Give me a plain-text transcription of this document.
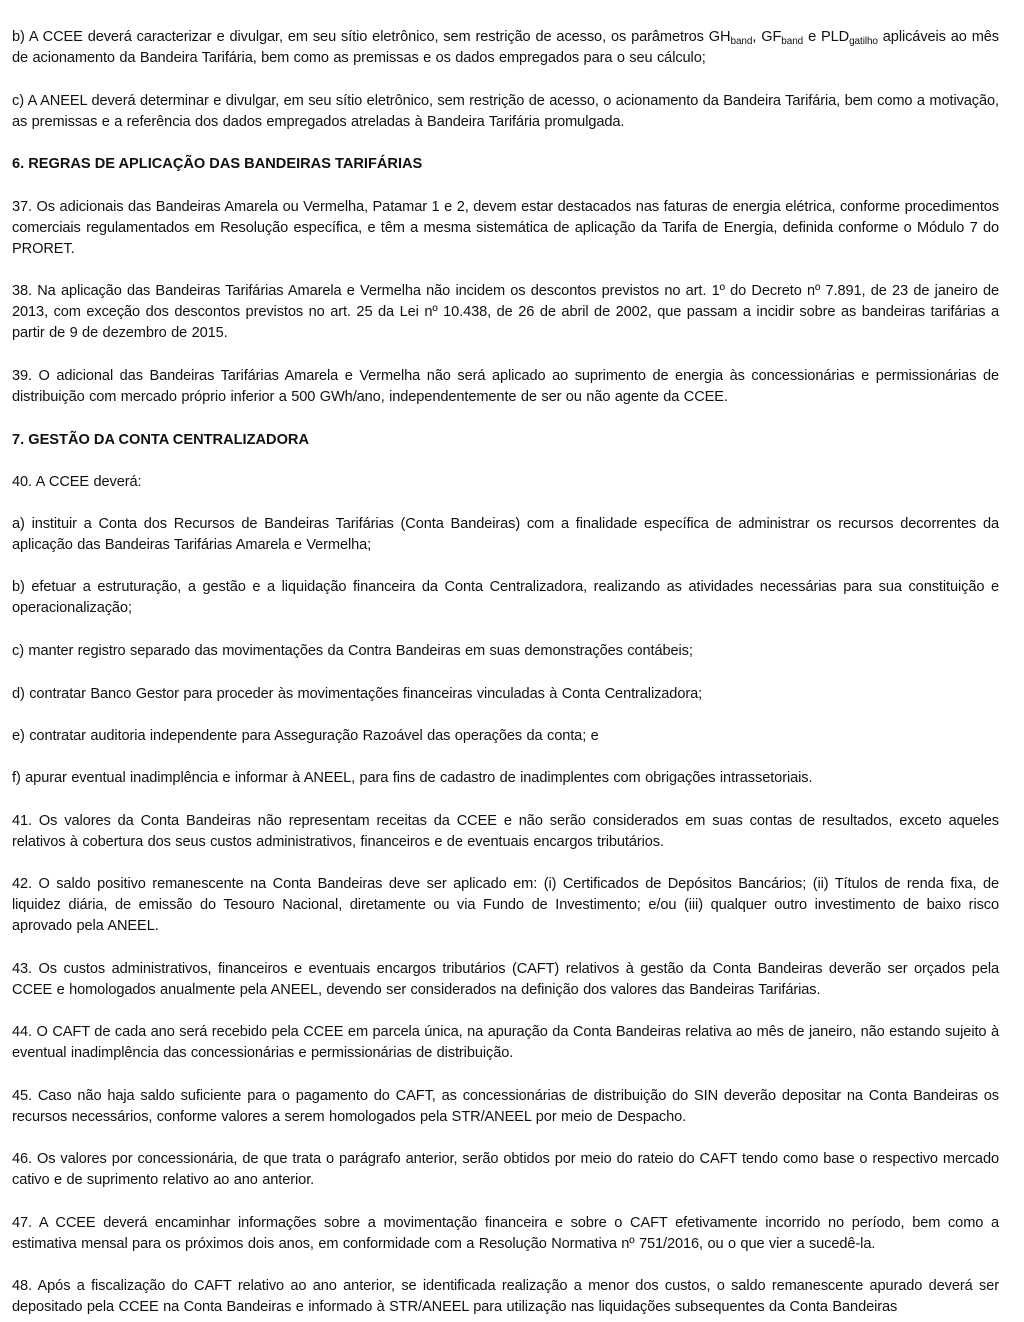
b) A CCEE deverá caracterizar e divulgar, em seu sítio eletrônico, sem restrição de acesso, os parâmetros $GH_{band}$, $GF_{band}$ e $PLD_{gatilho}$ aplicáveis ao mês de acionamento da Bandeira Tarifária, bem como as premissas e os dados empregados para o seu cálculo;

c) A ANEEL deverá determinar e divulgar, em seu sítio eletrônico, sem restrição de acesso, o acionamento da Bandeira Tarifária, bem como a motivação, as premissas e a referência dos dados empregados atreladas à Bandeira Tarifária promulgada.

6. REGRAS DE APLICAÇÃO DAS BANDEIRAS TARIFÁRIAS

37. Os adicionais das Bandeiras Amarela ou Vermelha, Patamar 1 e 2, devem estar destacados nas faturas de energia elétrica, conforme procedimentos comerciais regulamentados em Resolução específica, e têm a mesma sistemática de aplicação da Tarifa de Energia, definida conforme o Módulo 7 do PRORET.

38. Na aplicação das Bandeiras Tarifárias Amarela e Vermelha não incidem os descontos previstos no art. 1º do Decreto nº 7.891, de 23 de janeiro de 2013, com exceção dos descontos previstos no art. 25 da Lei nº 10.438, de 26 de abril de 2002, que passam a incidir sobre as bandeiras tarifárias a partir de 9 de dezembro de 2015.

39. O adicional das Bandeiras Tarifárias Amarela e Vermelha não será aplicado ao suprimento de energia às concessionárias e permissionárias de distribuição com mercado próprio inferior a 500 GWh/ano, independentemente de ser ou não agente da CCEE.

7. GESTÃO DA CONTA CENTRALIZADORA

40. A CCEE deverá:

a) instituir a Conta dos Recursos de Bandeiras Tarifárias (Conta Bandeiras) com a finalidade específica de administrar os recursos decorrentes da aplicação das Bandeiras Tarifárias Amarela e Vermelha;

b) efetuar a estruturação, a gestão e a liquidação financeira da Conta Centralizadora, realizando as atividades necessárias para sua constituição e operacionalização;

c) manter registro separado das movimentações da Contra Bandeiras em suas demonstrações contábeis;

d) contratar Banco Gestor para proceder às movimentações financeiras vinculadas à Conta Centralizadora;

e) contratar auditoria independente para Asseguração Razoável das operações da conta; e

f) apurar eventual inadimplência e informar à ANEEL, para fins de cadastro de inadimplentes com obrigações intrassetoriais.

41. Os valores da Conta Bandeiras não representam receitas da CCEE e não serão considerados em suas contas de resultados, exceto aqueles relativos à cobertura dos seus custos administrativos, financeiros e de eventuais encargos tributários.

42. O saldo positivo remanescente na Conta Bandeiras deve ser aplicado em: (i) Certificados de Depósitos Bancários; (ii) Títulos de renda fixa, de liquidez diária, de emissão do Tesouro Nacional, diretamente ou via Fundo de Investimento; e/ou (iii) qualquer outro investimento de baixo risco aprovado pela ANEEL.

43. Os custos administrativos, financeiros e eventuais encargos tributários (CAFT) relativos à gestão da Conta Bandeiras deverão ser orçados pela CCEE e homologados anualmente pela ANEEL, devendo ser considerados na definição dos valores das Bandeiras Tarifárias.

44. O CAFT de cada ano será recebido pela CCEE em parcela única, na apuração da Conta Bandeiras relativa ao mês de janeiro, não estando sujeito à eventual inadimplência das concessionárias e permissionárias de distribuição.

45. Caso não haja saldo suficiente para o pagamento do CAFT, as concessionárias de distribuição do SIN deverão depositar na Conta Bandeiras os recursos necessários, conforme valores a serem homologados pela STR/ANEEL por meio de Despacho.

46. Os valores por concessionária, de que trata o parágrafo anterior, serão obtidos por meio do rateio do CAFT tendo como base o respectivo mercado cativo e de suprimento relativo ao ano anterior.

47. A CCEE deverá encaminhar informações sobre a movimentação financeira e sobre o CAFT efetivamente incorrido no período, bem como a estimativa mensal para os próximos dois anos, em conformidade com a Resolução Normativa nº 751/2016, ou o que vier a sucedê-la.

48. Após a fiscalização do CAFT relativo ao ano anterior, se identificada realização a menor dos custos, o saldo remanescente apurado deverá ser depositado pela CCEE na Conta Bandeiras e informado à STR/ANEEL para utilização nas liquidações subsequentes da Conta Bandeiras
